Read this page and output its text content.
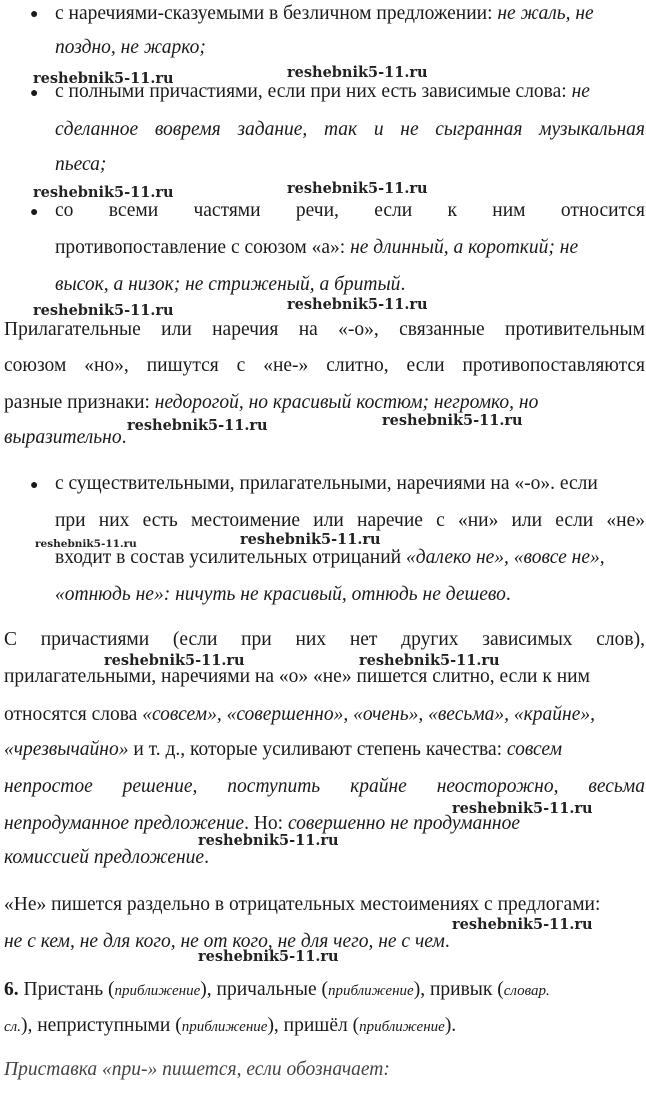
● с наречиями-сказуемыми в безличном предложении: не жаль, не
поздно, не жарко;
reshebnik5-11.ru	reshebnik5-11.ru
● с полными причастиями, если при них есть зависимые слова: не
сделанное вовремя задание, так и не сыгранная музыкальная
пьеса;
reshebnik5-11.ru	reshebnik5-11.ru
● со всеми частями речи, если к ним относится
противопоставление с союзом «а»: не длинный, а короткий; не
высок, а низок; не стриженый, а бритый.
reshebnik5-11.ru	reshebnik5-11.ru
Прилагательные или наречия на «-о», связанные противительным
союзом «но», пишутся с «не-» слитно, если противопоставляются
разные признаки: недорогой, но красивый костюм; негромко, но
выразительно.
reshebnik5-11.ru	reshebnik5-11.ru
● с существительными, прилагательными, наречиями на «-о». если
при них есть местоимение или наречие с «ни» или если «не»
reshebnik5-11.ru	reshebnik5-11.ru
входит в состав усилительных отрицаний «далеко не», «вовсе не»,
«отнюдь не»: ничуть не красивый, отнюдь не дешево.
С причастиями (если при них нет других зависимых слов),
reshebnik5-11.ru	reshebnik5-11.ru
прилагательными, наречиями на «о» «не» пишется слитно, если к ним
относятся слова «совсем», «совершенно», «очень», «весьма», «крайне»,
«чрезвычайно» и т. д., которые усиливают степень качества: совсем
непростое решение, поступить крайне неосторожно, весьма
reshebnik5-11.ru
непродуманное предложение. Но: совершенно не продуманное
reshebnik5-11.ru
комиссией предложение.
«Не» пишется раздельно в отрицательных местоимениях с предлогами:
reshebnik5-11.ru
не с кем, не для кого, не от кого, не для чего, не с чем.
reshebnik5-11.ru
6. Пристань (приближение), причальные (приближение), привык (словар.
сл.), неприступными (приближение), пришёл (приближение).
Приставка «при-» пишется, если обозначает:
